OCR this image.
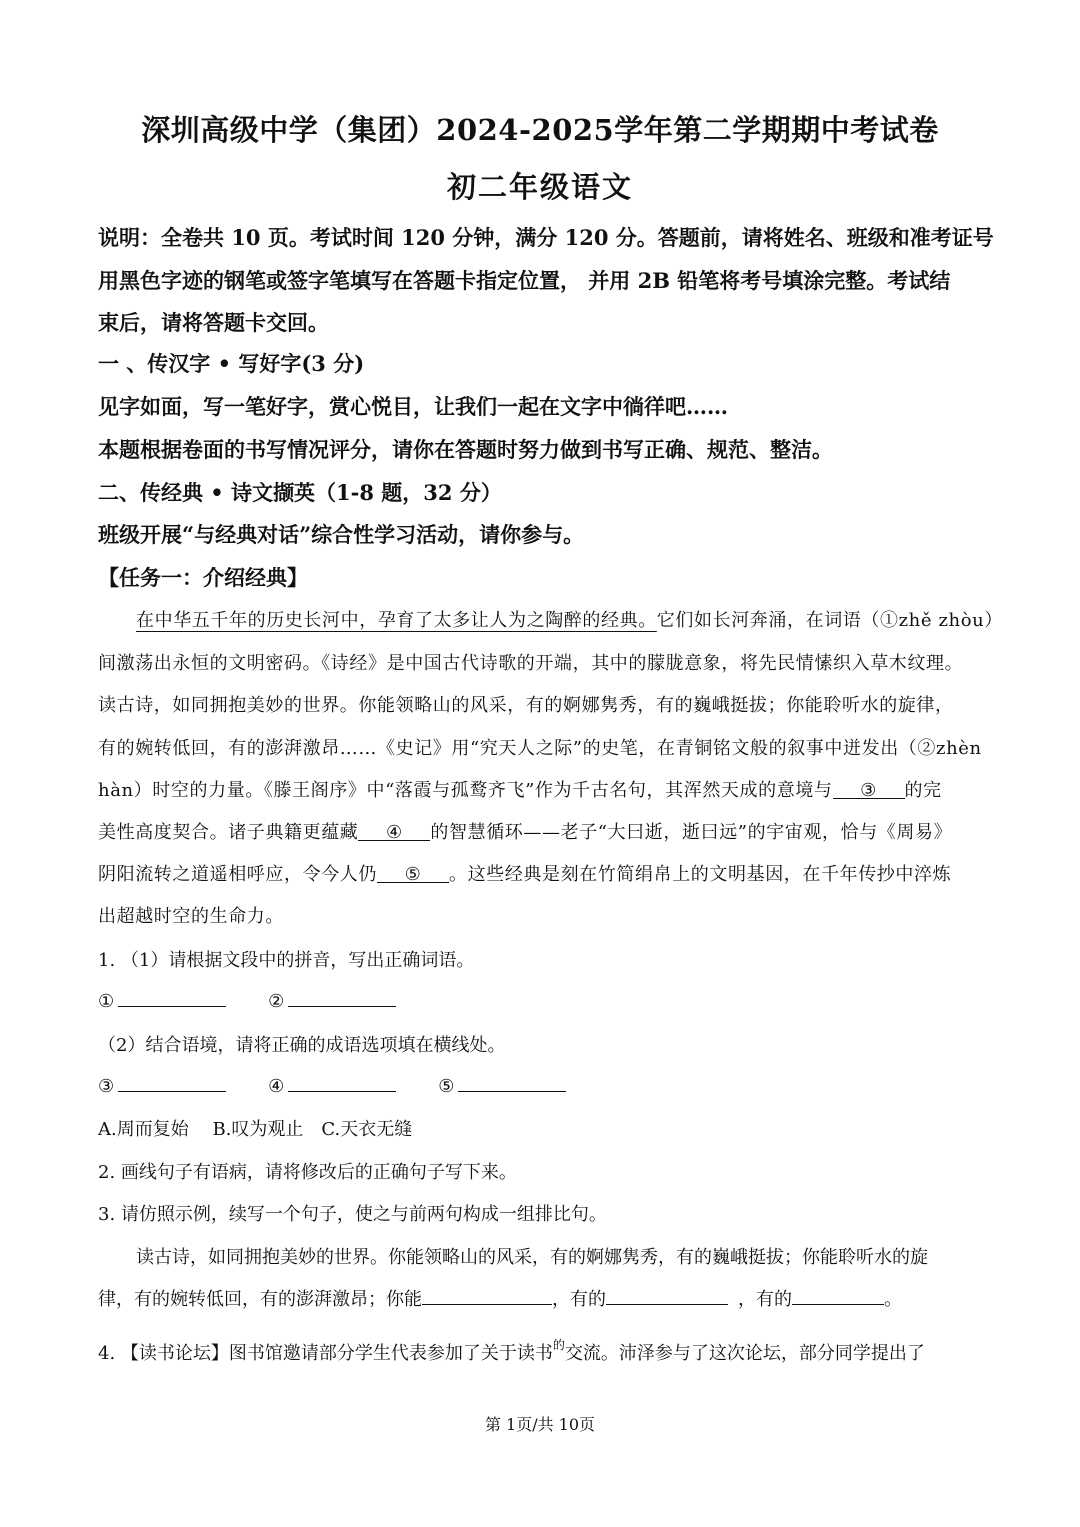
深圳高级中学（集团）2024-2025学年第二学期期中考试卷
初二年级语文
说明：全卷共 10 页。考试时间 120 分钟，满分 120 分。答题前，请将姓名、班级和准考证号
用黑色字迹的钢笔或签字笔填写在答题卡指定位置， 并用 2B 铅笔将考号填涂完整。考试结
束后，请将答题卡交回。
一 、传汉字 • 写好字(3 分)
见字如面，写一笔好字，赏心悦目，让我们一起在文字中徜徉吧……
本题根据卷面的书写情况评分，请你在答题时努力做到书写正确、规范、整洁。
二、传经典 • 诗文撷英（1-8 题，32 分）
班级开展“与经典对话”综合性学习活动，请你参与。
【任务一：介绍经典】
在中华五千年的历史长河中，孕育了太多让人为之陶醉的经典。它们如长河奔涌，在词语（①zhě zhòu）
间激荡出永恒的文明密码。《诗经》是中国古代诗歌的开端，其中的朦胧意象，将先民情愫织入草木纹理。
读古诗，如同拥抱美妙的世界。你能领略山的风采，有的婀娜隽秀，有的巍峨挺拔；你能聆听水的旋律，
有的婉转低回，有的澎湃激昂……《史记》用“究天人之际”的史笔，在青铜铭文般的叙事中迸发出（②zhèn
hàn）时空的力量。《滕王阁序》中“落霞与孤鹜齐飞”作为千古名句，其浑然天成的意境与 ③ 的完
美性高度契合。诸子典籍更蕴藏 ④ 的智慧循环——老子“大曰逝，逝曰远”的宇宙观，恰与《周易》
阴阳流转之道遥相呼应，令今人仍 ⑤ 。这些经典是刻在竹简绢帛上的文明基因，在千年传抄中淬炼
出超越时空的生命力。
1. （1）请根据文段中的拼音，写出正确词语。
①	②
（2）结合语境，请将正确的成语选项填在横线处。
③	④	⑤
A.周而复始　 B.叹为观止　C.天衣无缝
2. 画线句子有语病，请将修改后的正确句子写下来。
3. 请仿照示例，续写一个句子，使之与前两句构成一组排比句。
读古诗，如同拥抱美妙的世界。你能领略山的风采，有的婀娜隽秀，有的巍峨挺拔；你能聆听水的旋
律，有的婉转低回，有的澎湃激昂；你能	，有的	，有的	。
4. 【读书论坛】图书馆邀请部分学生代表参加了关于读书$^的$交流。沛泽参与了这次论坛，部分同学提出了
第 1页/共 10页
